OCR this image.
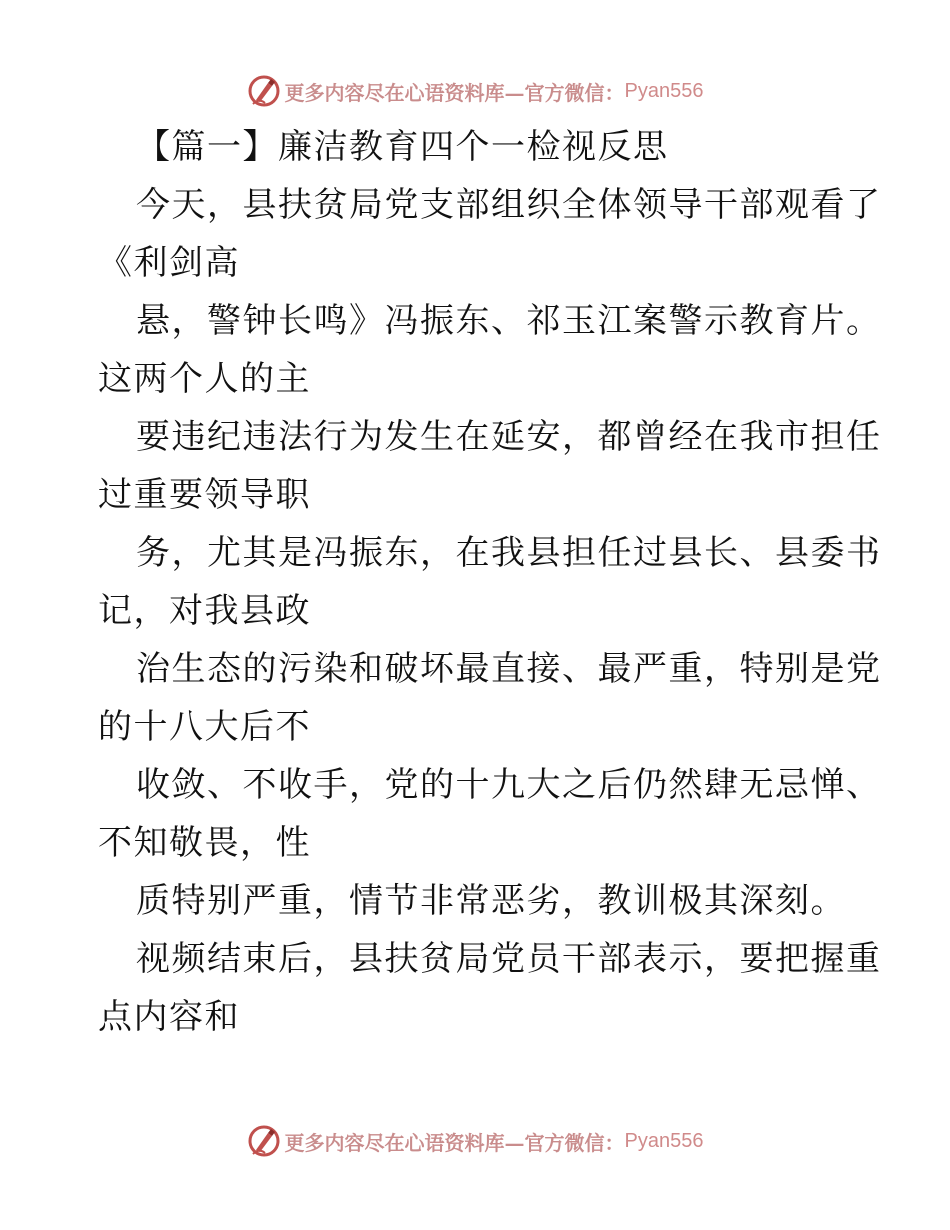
更多内容尽在心语资料库—官方微信： Pyan556
【篇一】廉洁教育四个一检视反思
今天，县扶贫局党支部组织全体领导干部观看了
《利剑高
悬，警钟长鸣》冯振东、祁玉江案警示教育片。
这两个人的主
要违纪违法行为发生在延安，都曾经在我市担任
过重要领导职
务，尤其是冯振东，在我县担任过县长、县委书
记，对我县政
治生态的污染和破坏最直接、最严重，特别是党
的十八大后不
收敛、不收手，党的十九大之后仍然肆无忌惮、
不知敬畏，性
质特别严重，情节非常恶劣，教训极其深刻。
视频结束后，县扶贫局党员干部表示，要把握重
点内容和
更多内容尽在心语资料库—官方微信： Pyan556
